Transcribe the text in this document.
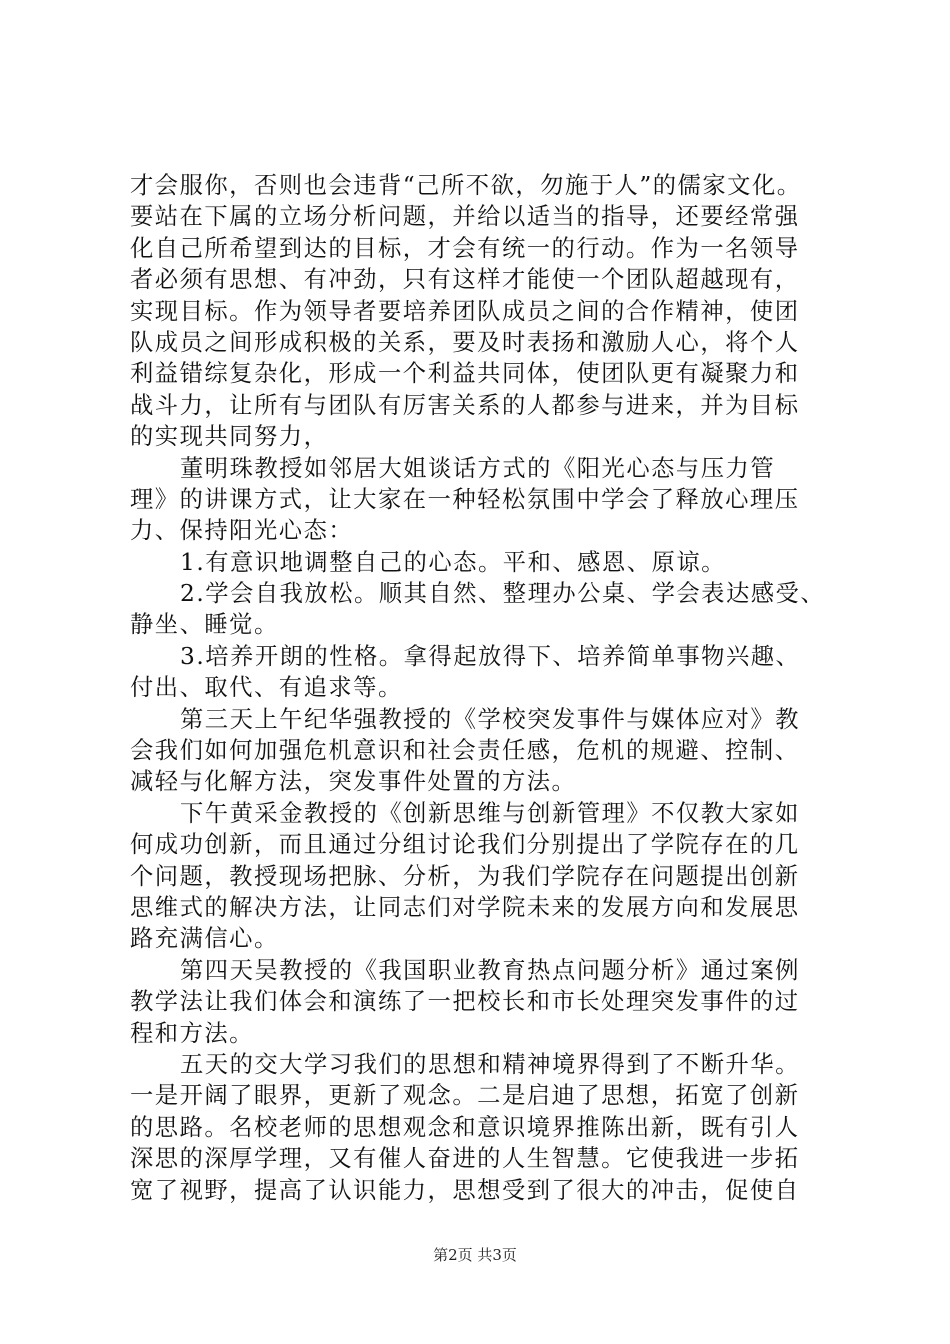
才会服你，否则也会违背“己所不欲，勿施于人”的儒家文化。
要站在下属的立场分析问题，并给以适当的指导，还要经常强
化自己所希望到达的目标，才会有统一的行动。作为一名领导
者必须有思想、有冲劲，只有这样才能使一个团队超越现有，
实现目标。作为领导者要培养团队成员之间的合作精神，使团
队成员之间形成积极的关系，要及时表扬和激励人心，将个人
利益错综复杂化，形成一个利益共同体，使团队更有凝聚力和
战斗力，让所有与团队有厉害关系的人都参与进来，并为目标
的实现共同努力，
董明珠教授如邻居大姐谈话方式的《阳光心态与压力管
理》的讲课方式，让大家在一种轻松氛围中学会了释放心理压
力、保持阳光心态：
1.有意识地调整自己的心态。平和、感恩、原谅。
2.学会自我放松。顺其自然、整理办公桌、学会表达感受、
静坐、睡觉。
3.培养开朗的性格。拿得起放得下、培养简单事物兴趣、
付出、取代、有追求等。
第三天上午纪华强教授的《学校突发事件与媒体应对》教
会我们如何加强危机意识和社会责任感，危机的规避、控制、
减轻与化解方法，突发事件处置的方法。
下午黄采金教授的《创新思维与创新管理》不仅教大家如
何成功创新，而且通过分组讨论我们分别提出了学院存在的几
个问题，教授现场把脉、分析，为我们学院存在问题提出创新
思维式的解决方法，让同志们对学院未来的发展方向和发展思
路充满信心。
第四天吴教授的《我国职业教育热点问题分析》通过案例
教学法让我们体会和演练了一把校长和市长处理突发事件的过
程和方法。
五天的交大学习我们的思想和精神境界得到了不断升华。
一是开阔了眼界，更新了观念。二是启迪了思想，拓宽了创新
的思路。名校老师的思想观念和意识境界推陈出新，既有引人
深思的深厚学理，又有催人奋进的人生智慧。它使我进一步拓
宽了视野，提高了认识能力，思想受到了很大的冲击，促使自
第2页 共3页
